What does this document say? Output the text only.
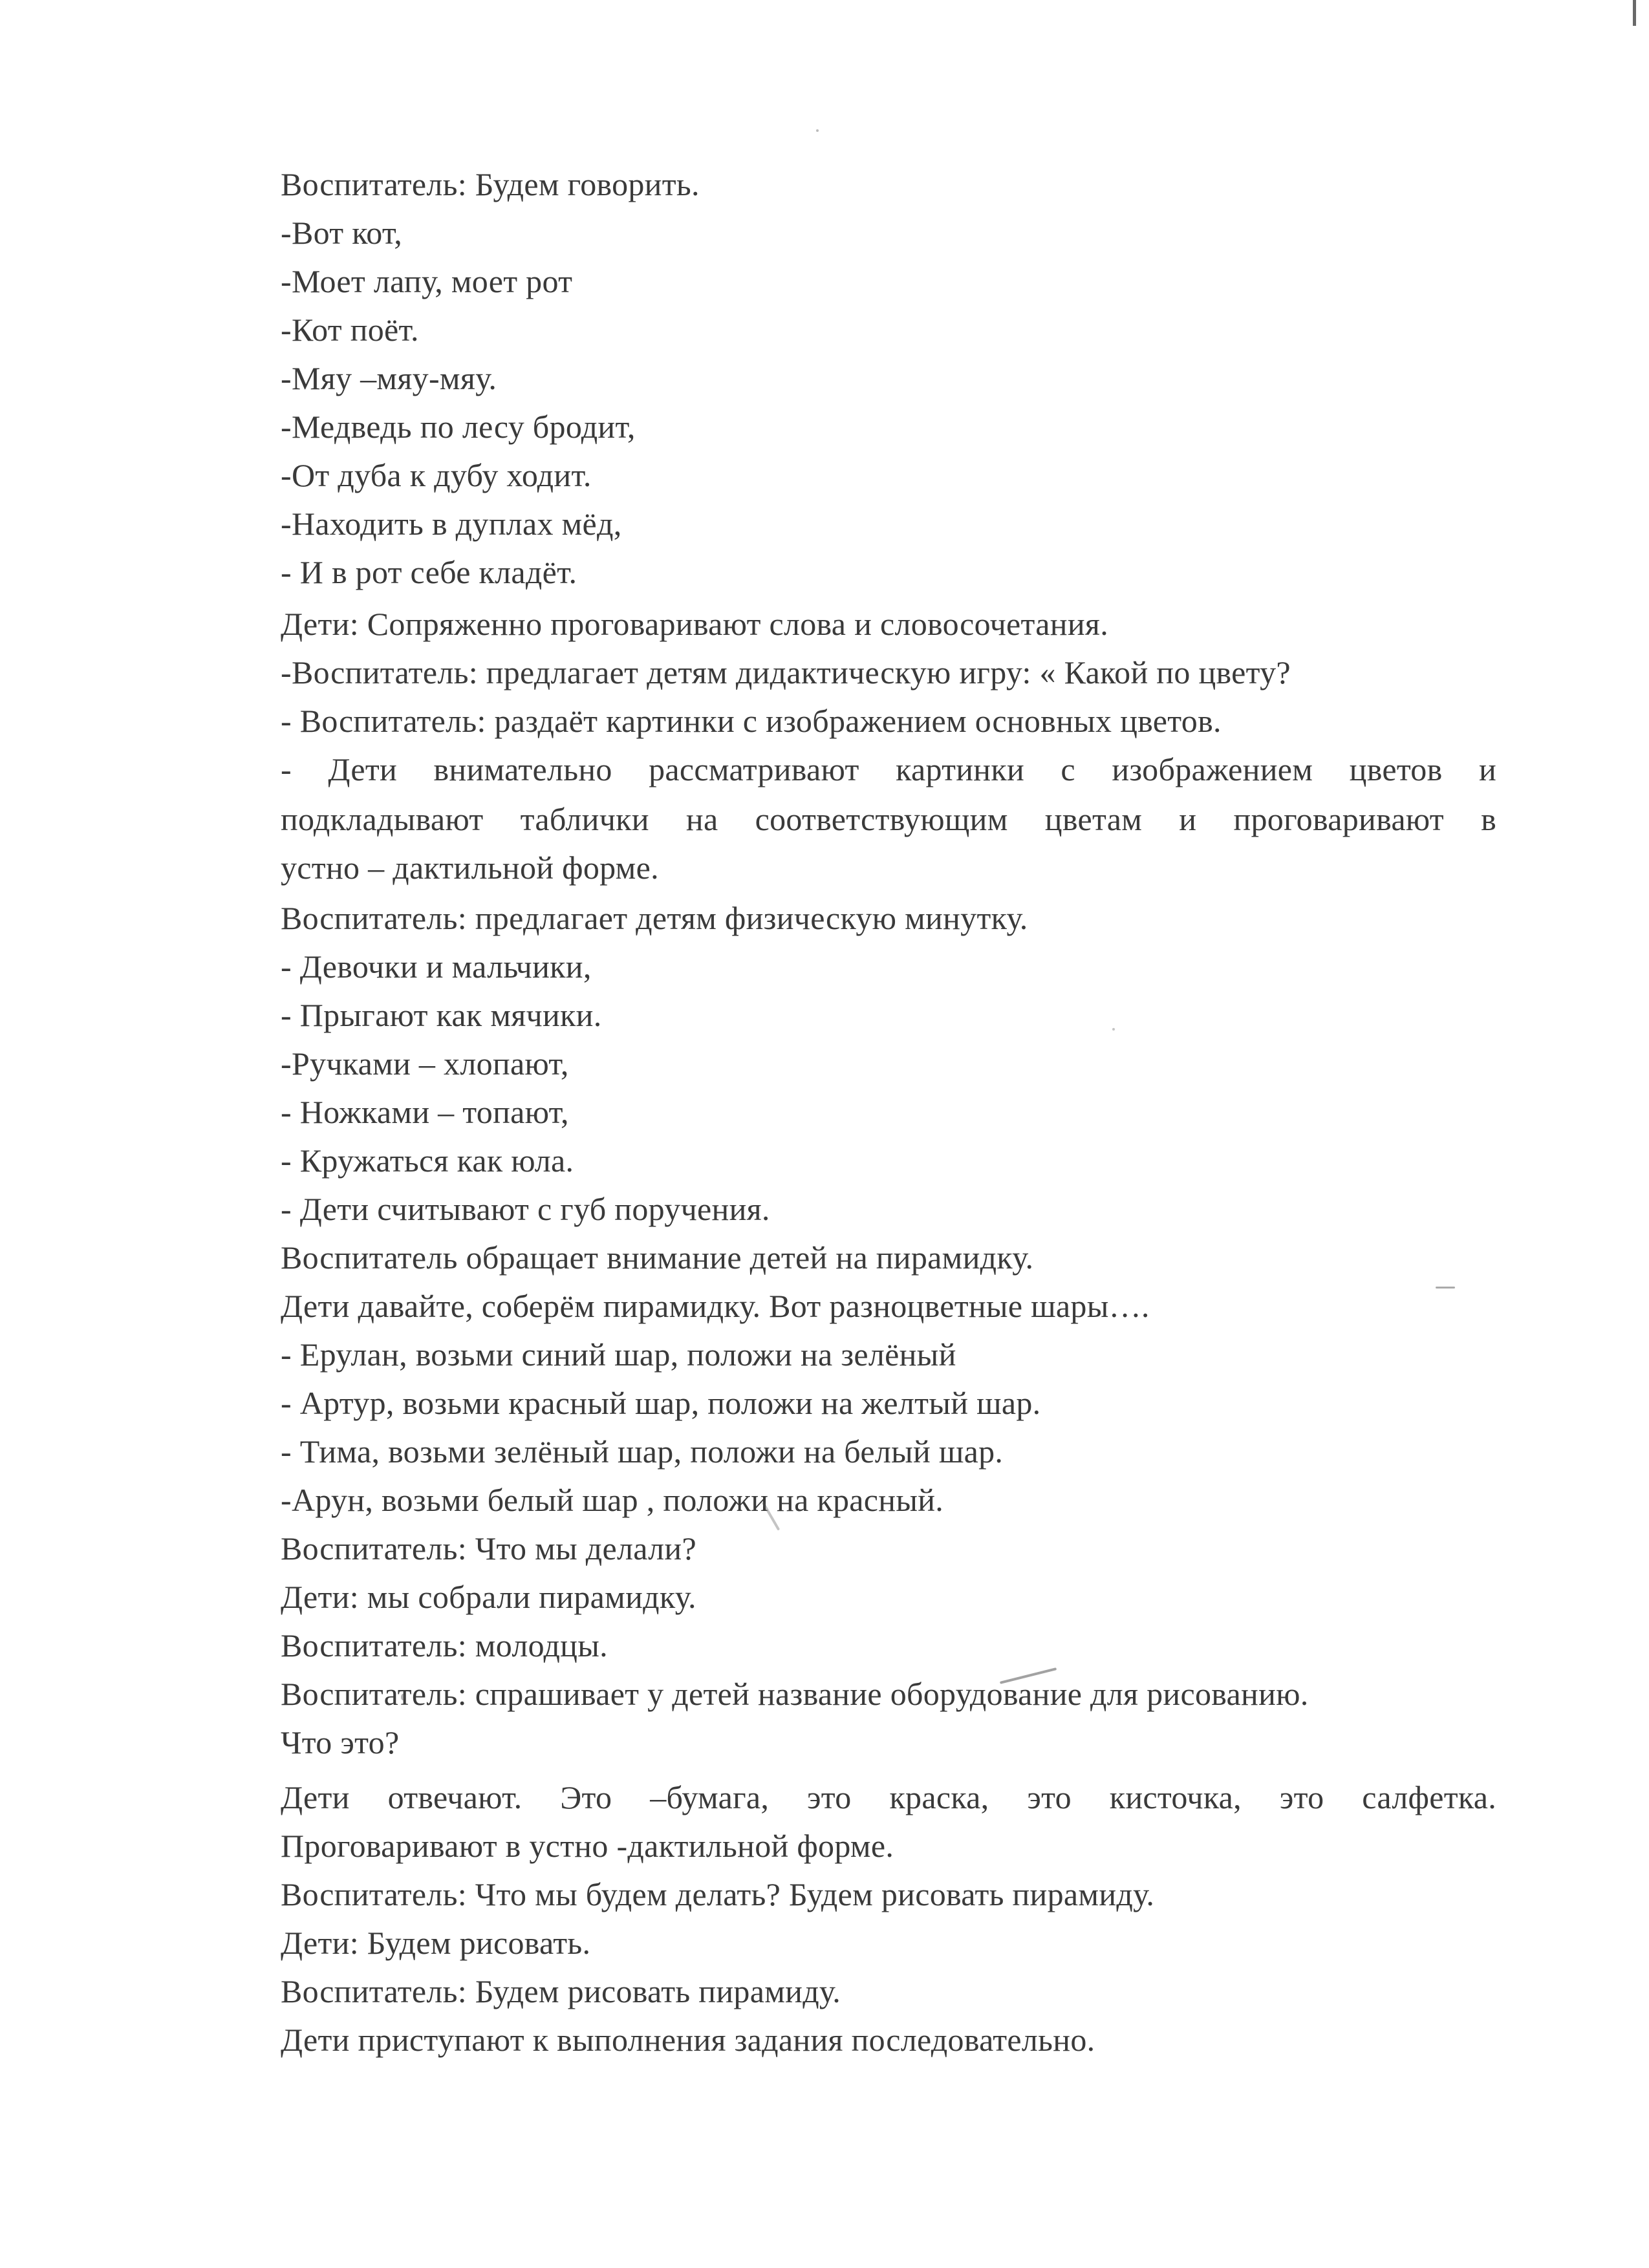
Воспитатель: Будем говорить.
-Вот кот,
-Моет лапу, моет рот
-Кот поёт.
-Мяу –мяу-мяу.
-Медведь по лесу бродит,
-От дуба к дубу ходит.
-Находить в дуплах мёд,
- И в рот себе кладёт.
Дети: Сопряженно проговаривают слова и словосочетания.
-Воспитатель: предлагает детям дидактическую игру: « Какой по цвету?
- Воспитатель: раздаёт картинки с изображением основных цветов.
- Дети внимательно рассматривают картинки с изображением цветов и
подкладывают таблички на соответствующим цветам и проговаривают в
устно – дактильной форме.
Воспитатель: предлагает детям физическую минутку.
- Девочки и мальчики,
- Прыгают как мячики.
-Ручками – хлопают,
- Ножками – топают,
- Кружаться как юла.
- Дети считывают с губ поручения.
Воспитатель обращает внимание детей на пирамидку.
Дети давайте, соберём пирамидку. Вот разноцветные шары….
- Ерулан, возьми синий шар, положи на зелёный
- Артур, возьми красный шар, положи на желтый шар.
- Тима, возьми зелёный шар, положи на белый шар.
-Арун, возьми белый шар , положи на красный.
Воспитатель: Что мы делали?
Дети: мы собрали пирамидку.
Воспитатель: молодцы.
Воспитатель: спрашивает у детей название оборудование для рисованию.
Что это?
Дети отвечают. Это –бумага, это краска, это кисточка, это салфетка.
Проговаривают в устно -дактильной форме.
Воспитатель: Что мы будем делать? Будем рисовать пирамиду.
Дети: Будем рисовать.
Воспитатель: Будем рисовать пирамиду.
Дети приступают к выполнения задания последовательно.
